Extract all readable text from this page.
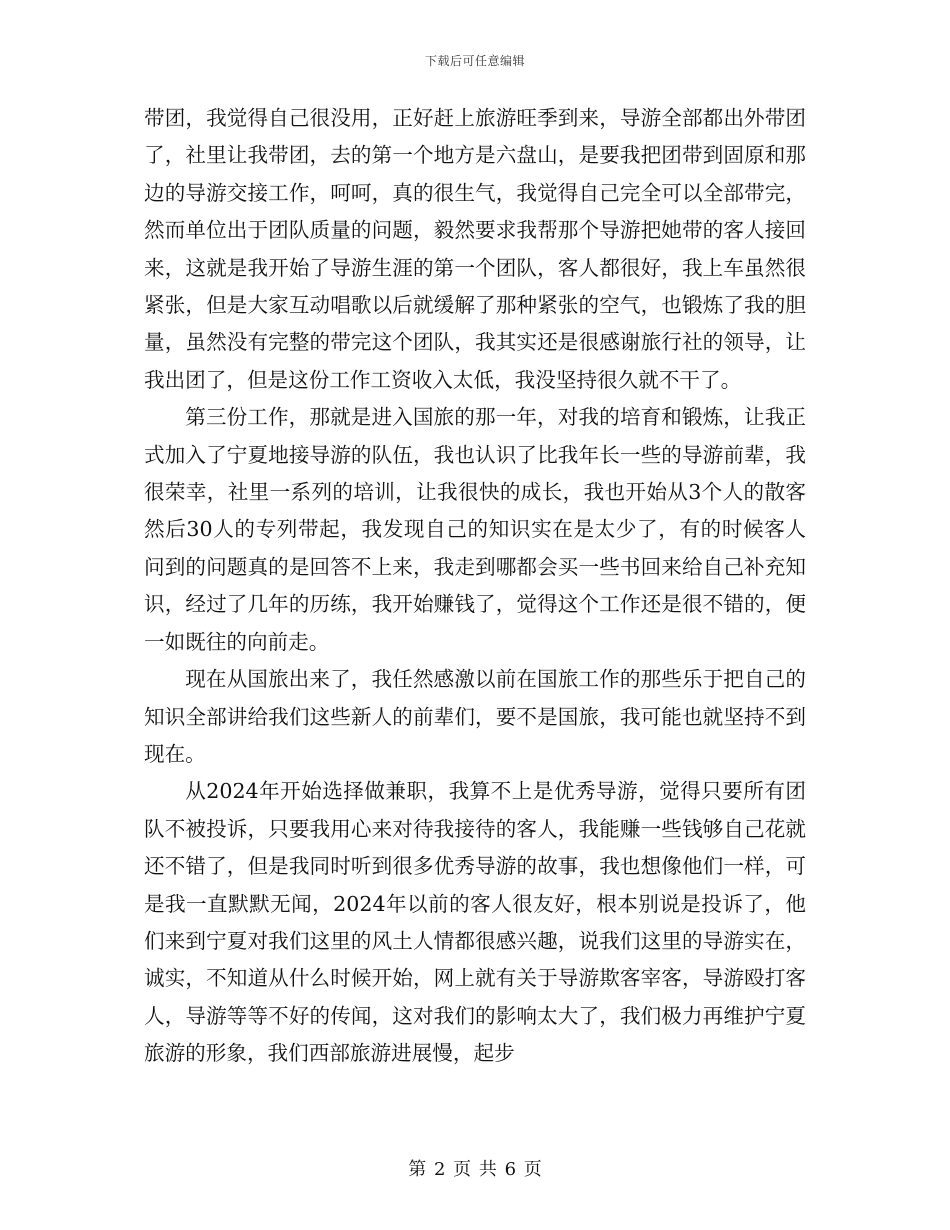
下载后可任意编辑

带团，我觉得自己很没用，正好赶上旅游旺季到来，导游全部都出外带团了，社里让我带团，去的第一个地方是六盘山，是要我把团带到固原和那边的导游交接工作，呵呵，真的很生气，我觉得自己完全可以全部带完，然而单位出于团队质量的问题，毅然要求我帮那个导游把她带的客人接回来，这就是我开始了导游生涯的第一个团队，客人都很好，我上车虽然很紧张，但是大家互动唱歌以后就缓解了那种紧张的空气，也锻炼了我的胆量，虽然没有完整的带完这个团队，我其实还是很感谢旅行社的领导，让我出团了，但是这份工作工资收入太低，我没坚持很久就不干了。

第三份工作，那就是进入国旅的那一年，对我的培育和锻炼，让我正式加入了宁夏地接导游的队伍，我也认识了比我年长一些的导游前辈，我很荣幸，社里一系列的培训，让我很快的成长，我也开始从3个人的散客然后30人的专列带起，我发现自己的知识实在是太少了，有的时候客人问到的问题真的是回答不上来，我走到哪都会买一些书回来给自己补充知识，经过了几年的历练，我开始赚钱了，觉得这个工作还是很不错的，便一如既往的向前走。

现在从国旅出来了，我任然感激以前在国旅工作的那些乐于把自己的知识全部讲给我们这些新人的前辈们，要不是国旅，我可能也就坚持不到现在。

从2024年开始选择做兼职，我算不上是优秀导游，觉得只要所有团队不被投诉，只要我用心来对待我接待的客人，我能赚一些钱够自己花就还不错了，但是我同时听到很多优秀导游的故事，我也想像他们一样，可是我一直默默无闻，2024年以前的客人很友好，根本别说是投诉了，他们来到宁夏对我们这里的风土人情都很感兴趣，说我们这里的导游实在，诚实，不知道从什么时候开始，网上就有关于导游欺客宰客，导游殴打客人，导游等等不好的传闻，这对我们的影响太大了，我们极力再维护宁夏旅游的形象，我们西部旅游进展慢，起步

第 2 页 共 6 页
